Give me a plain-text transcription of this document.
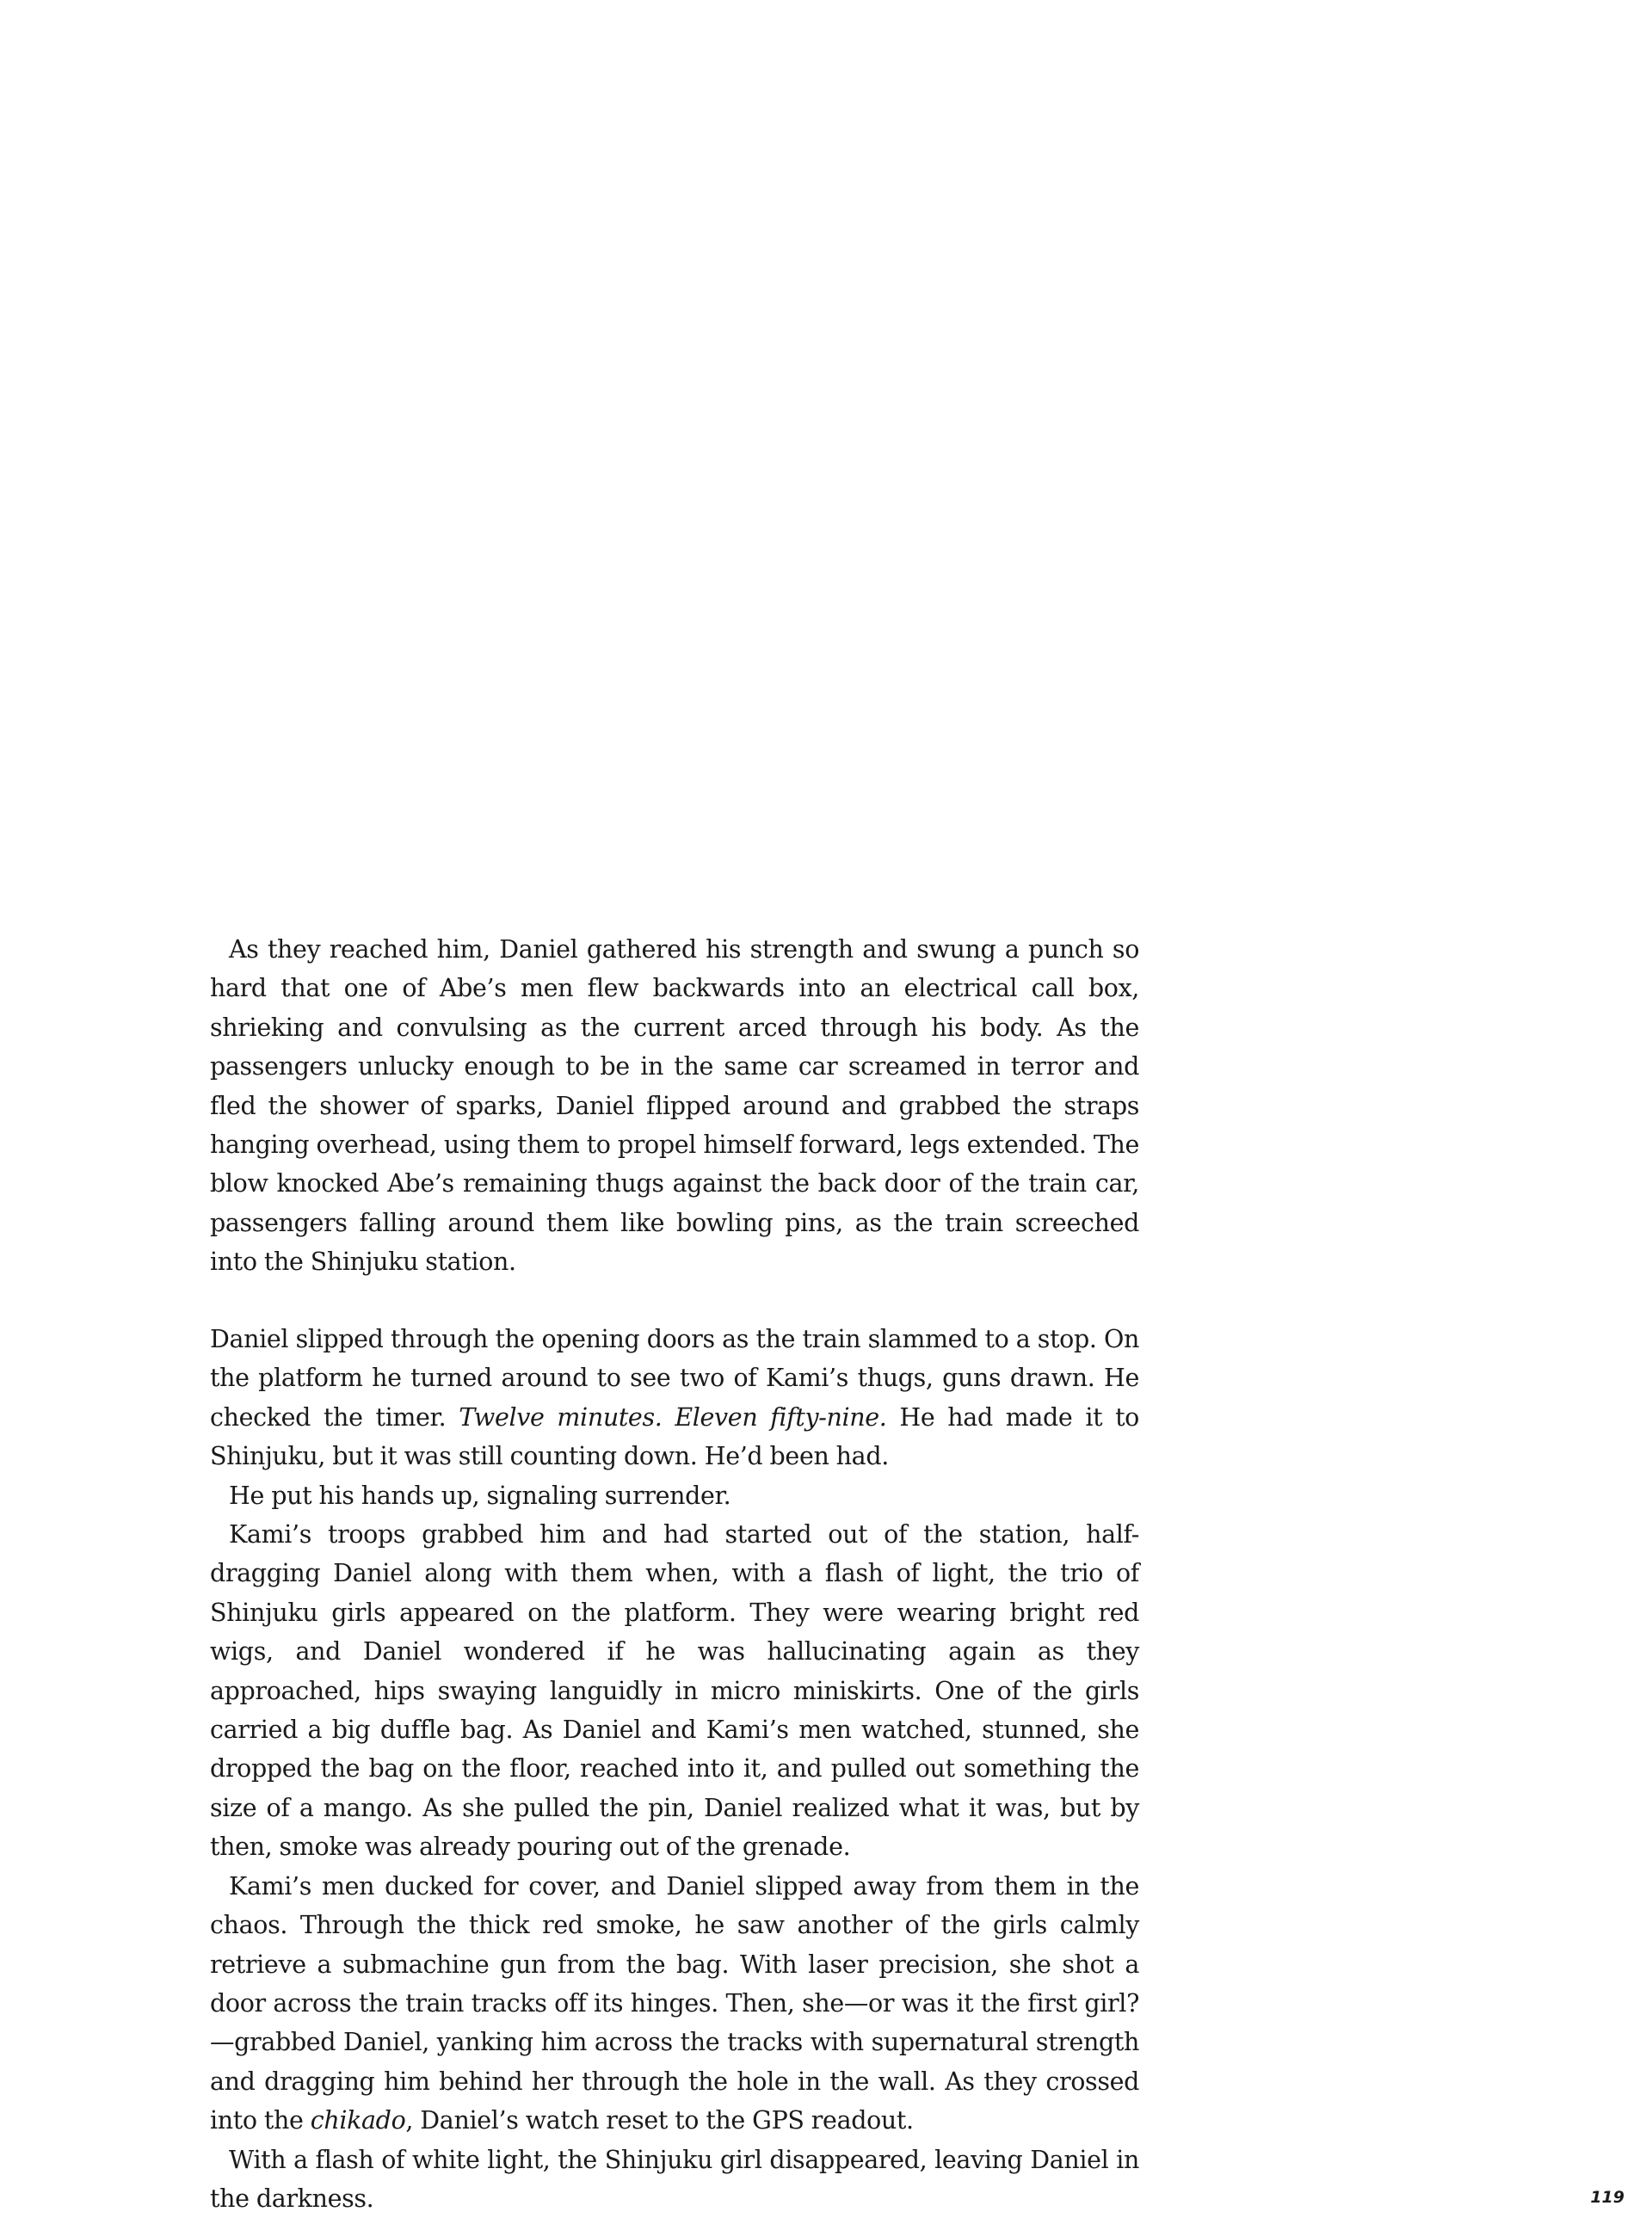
As they reached him, Daniel gathered his strength and swung a punch so hard that one of Abe’s men flew backwards into an electrical call box, shrieking and convulsing as the current arced through his body. As the passengers unlucky enough to be in the same car screamed in terror and fled the shower of sparks, Daniel flipped around and grabbed the straps hanging overhead, using them to propel himself forward, legs extended. The blow knocked Abe’s remaining thugs against the back door of the train car, passengers falling around them like bowling pins, as the train screeched into the Shinjuku station.

Daniel slipped through the opening doors as the train slammed to a stop. On the platform he turned around to see two of Kami’s thugs, guns drawn. He checked the timer. Twelve minutes. Eleven fifty-nine. He had made it to Shinjuku, but it was still counting down. He’d been had.

He put his hands up, signaling surrender.

Kami’s troops grabbed him and had started out of the station, half-dragging Daniel along with them when, with a flash of light, the trio of Shinjuku girls appeared on the platform. They were wearing bright red wigs, and Daniel wondered if he was hallucinating again as they approached, hips swaying languidly in micro miniskirts. One of the girls carried a big duffle bag. As Daniel and Kami’s men watched, stunned, she dropped the bag on the floor, reached into it, and pulled out something the size of a mango. As she pulled the pin, Daniel realized what it was, but by then, smoke was already pouring out of the grenade.

Kami’s men ducked for cover, and Daniel slipped away from them in the chaos. Through the thick red smoke, he saw another of the girls calmly retrieve a submachine gun from the bag. With laser precision, she shot a door across the train tracks off its hinges. Then, she—or was it the first girl?—grabbed Daniel, yanking him across the tracks with supernatural strength and dragging him behind her through the hole in the wall. As they crossed into the chikado, Daniel’s watch reset to the GPS readout.

With a flash of white light, the Shinjuku girl disappeared, leaving Daniel in the darkness.	119
